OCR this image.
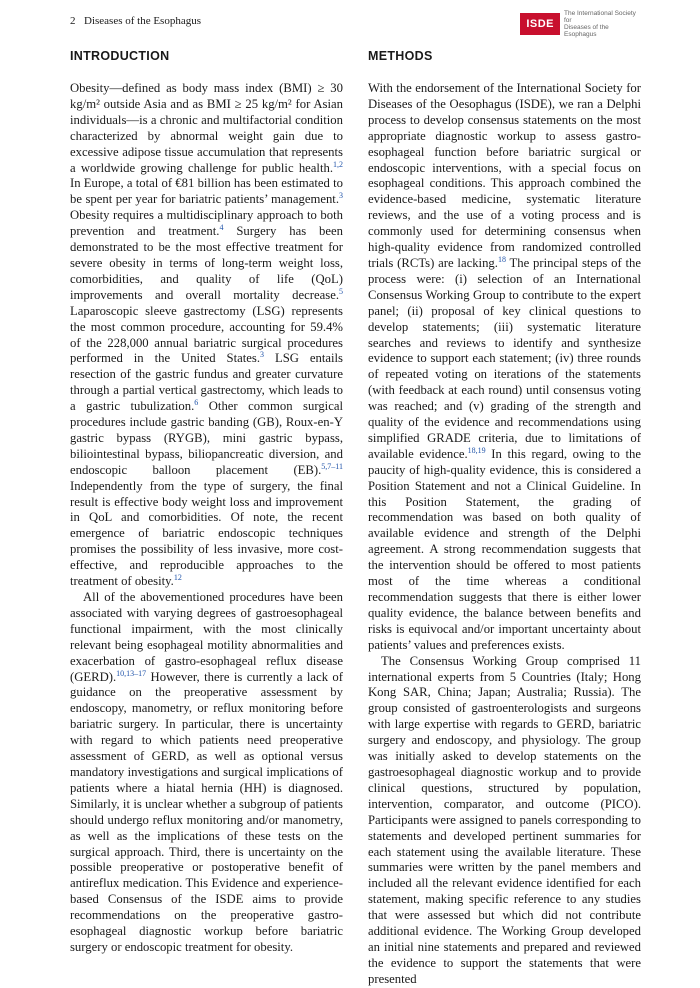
2 Diseases of the Esophagus	ISDE
The International Society for
Diseases of the Esophagus
INTRODUCTION

Obesity—defined as body mass index (BMI) ≥ 30 kg/m² outside Asia and as BMI ≥ 25 kg/m² for Asian individuals—is a chronic and multifactorial condition characterized by abnormal weight gain due to excessive adipose tissue accumulation that represents a worldwide growing challenge for public health.$^{1,2}$ In Europe, a total of €81 billion has been estimated to be spent per year for bariatric patients’ management.$^3$ Obesity requires a multidisciplinary approach to both prevention and treatment.$^4$ Surgery has been demonstrated to be the most effective treatment for severe obesity in terms of long-term weight loss, comorbidities, and quality of life (QoL) improvements and overall mortality decrease.$^5$ Laparoscopic sleeve gastrectomy (LSG) represents the most common procedure, accounting for 59.4% of the 228,000 annual bariatric surgical procedures performed in the United States.$^3$ LSG entails resection of the gastric fundus and greater curvature through a partial vertical gastrectomy, which leads to a gastric tubulization.$^6$ Other common surgical procedures include gastric banding (GB), Roux-en-Y gastric bypass (RYGB), mini gastric bypass, biliointestinal bypass, biliopancreatic diversion, and endoscopic balloon placement (EB).$^{5,7-11}$ Independently from the type of surgery, the final result is effective body weight loss and improvement in QoL and comorbidities. Of note, the recent emergence of bariatric endoscopic techniques promises the possibility of less invasive, more cost-effective, and reproducible approaches to the treatment of obesity.$^{12}$

All of the abovementioned procedures have been associated with varying degrees of gastroesophageal functional impairment, with the most clinically relevant being esophageal motility abnormalities and exacerbation of gastro-esophageal reflux disease (GERD).$^{10,13-17}$ However, there is currently a lack of guidance on the preoperative assessment by endoscopy, manometry, or reflux monitoring before bariatric surgery. In particular, there is uncertainty with regard to which patients need preoperative assessment of GERD, as well as optional versus mandatory investigations and surgical implications of patients where a hiatal hernia (HH) is diagnosed. Similarly, it is unclear whether a subgroup of patients should undergo reflux monitoring and/or manometry, as well as the implications of these tests on the surgical approach. Third, there is uncertainty on the possible preoperative or postoperative benefit of antireflux medication. This Evidence and experience-based Consensus of the ISDE aims to provide recommendations on the preoperative gastro-esophageal diagnostic workup before bariatric surgery or endoscopic treatment for obesity.

METHODS

With the endorsement of the International Society for Diseases of the Oesophagus (ISDE), we ran a Delphi process to develop consensus statements on the most appropriate diagnostic workup to assess gastro-esophageal function before bariatric surgical or endoscopic interventions, with a special focus on esophageal conditions. This approach combined the evidence-based medicine, systematic literature reviews, and the use of a voting process and is commonly used for determining consensus when high-quality evidence from randomized controlled trials (RCTs) are lacking.$^{18}$ The principal steps of the process were: (i) selection of an International Consensus Working Group to contribute to the expert panel; (ii) proposal of key clinical questions to develop statements; (iii) systematic literature searches and reviews to identify and synthesize evidence to support each statement; (iv) three rounds of repeated voting on iterations of the statements (with feedback at each round) until consensus voting was reached; and (v) grading of the strength and quality of the evidence and recommendations using simplified GRADE criteria, due to limitations of available evidence.$^{18,19}$ In this regard, owing to the paucity of high-quality evidence, this is considered a Position Statement and not a Clinical Guideline. In this Position Statement, the grading of recommendation was based on both quality of available evidence and strength of the Delphi agreement. A strong recommendation suggests that the intervention should be offered to most patients most of the time whereas a conditional recommendation suggests that there is either lower quality evidence, the balance between benefits and risks is equivocal and/or important uncertainty about patients’ values and preferences exists.

The Consensus Working Group comprised 11 international experts from 5 Countries (Italy; Hong Kong SAR, China; Japan; Australia; Russia). The group consisted of gastroenterologists and surgeons with large expertise with regards to GERD, bariatric surgery and endoscopy, and physiology. The group was initially asked to develop statements on the gastroesophageal diagnostic workup and to provide clinical questions, structured by population, intervention, comparator, and outcome (PICO). Participants were assigned to panels corresponding to statements and developed pertinent summaries for each statement using the available literature. These summaries were written by the panel members and included all the relevant evidence identified for each statement, making specific reference to any studies that were assessed but which did not contribute additional evidence. The Working Group developed an initial nine statements and prepared and reviewed the evidence to support the statements that were presented
